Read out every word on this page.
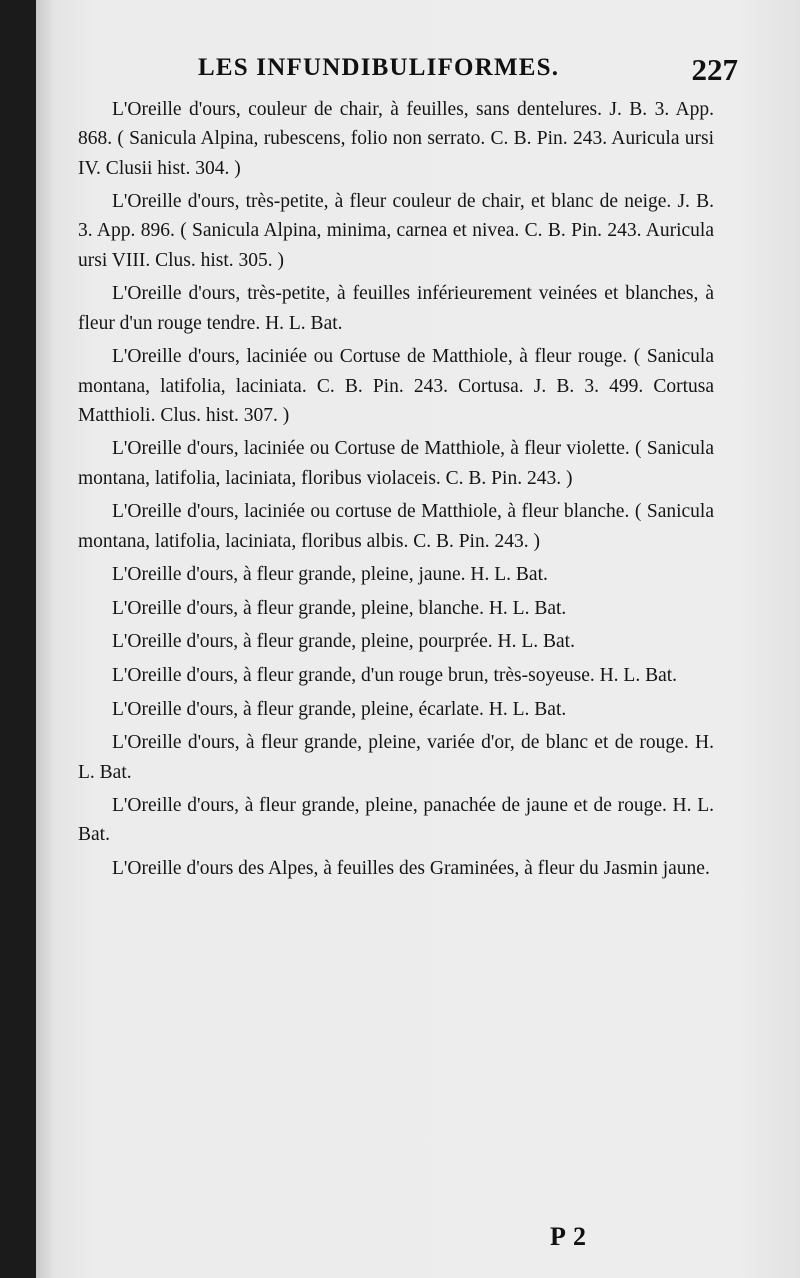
LES INFUNDIBULIFORMES.	227

L'Oreille d'ours, couleur de chair, à feuilles, sans dentelures. J. B. 3. App. 868. ( Sanicula Alpina, rubescens, folio non serrato. C. B. Pin. 243. Auricula ursi IV. Clusii hist. 304. )

L'Oreille d'ours, très-petite, à fleur couleur de chair, et blanc de neige. J. B. 3. App. 896. ( Sanicula Alpina, minima, carnea et nivea. C. B. Pin. 243. Auricula ursi VIII. Clus. hist. 305. )

L'Oreille d'ours, très-petite, à feuilles inférieurement veinées et blanches, à fleur d'un rouge tendre. H. L. Bat.

L'Oreille d'ours, laciniée ou Cortuse de Matthiole, à fleur rouge. ( Sanicula montana, latifolia, laciniata. C. B. Pin. 243. Cortusa. J. B. 3. 499. Cortusa Matthioli. Clus. hist. 307. )

L'Oreille d'ours, laciniée ou Cortuse de Matthiole, à fleur violette. ( Sanicula montana, latifolia, laciniata, floribus violaceis. C. B. Pin. 243. )

L'Oreille d'ours, laciniée ou cortuse de Matthiole, à fleur blanche. ( Sanicula montana, latifolia, laciniata, floribus albis. C. B. Pin. 243. )

L'Oreille d'ours, à fleur grande, pleine, jaune. H. L. Bat.

L'Oreille d'ours, à fleur grande, pleine, blanche. H. L. Bat.

L'Oreille d'ours, à fleur grande, pleine, pourprée. H. L. Bat.

L'Oreille d'ours, à fleur grande, d'un rouge brun, très-soyeuse. H. L. Bat.

L'Oreille d'ours, à fleur grande, pleine, écarlate. H. L. Bat.

L'Oreille d'ours, à fleur grande, pleine, variée d'or, de blanc et de rouge. H. L. Bat.

L'Oreille d'ours, à fleur grande, pleine, panachée de jaune et de rouge. H. L. Bat.

L'Oreille d'ours des Alpes, à feuilles des Graminées, à fleur du Jasmin jaune.

P 2
